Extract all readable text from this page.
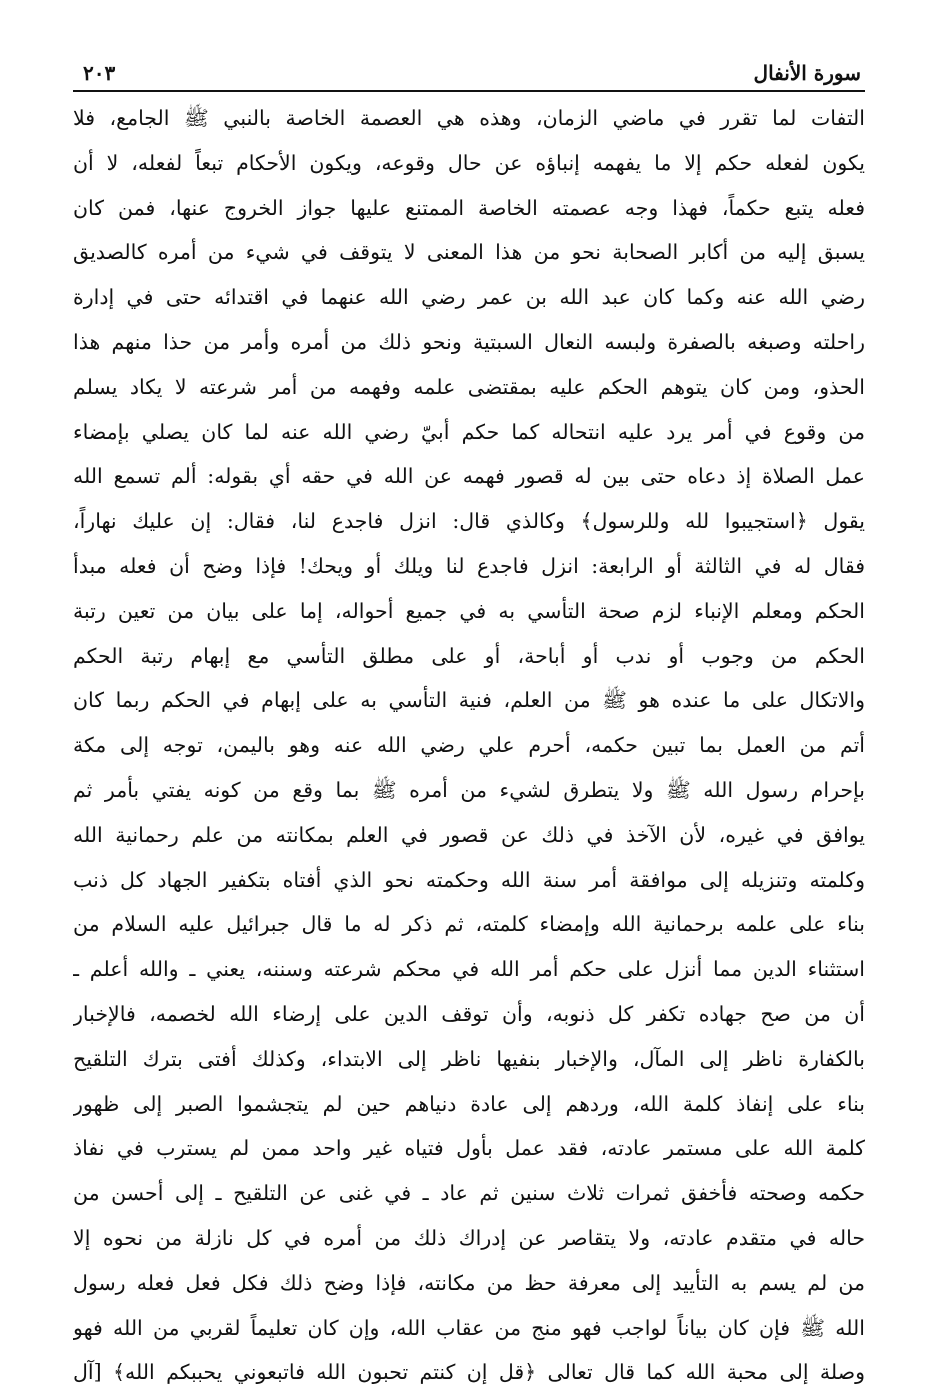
٢٠٣	سورة الأنفال
التفات لما تقرر في ماضي الزمان، وهذه هي العصمة الخاصة بالنبي ﷺ الجامع، فلا
يكون لفعله حكم إلا ما يفهمه إنباؤه عن حال وقوعه، ويكون الأحكام تبعاً لفعله، لا أن
فعله يتبع حكماً، فهذا وجه عصمته الخاصة الممتنع عليها جواز الخروج عنها، فمن كان
يسبق إليه من أكابر الصحابة نحو من هذا المعنى لا يتوقف في شيء من أمره كالصديق
رضي الله عنه وكما كان عبد الله بن عمر رضي الله عنهما في اقتدائه حتى في إدارة
راحلته وصبغه بالصفرة ولبسه النعال السبتية ونحو ذلك من أمره وأمر من حذا منهم هذا
الحذو، ومن كان يتوهم الحكم عليه بمقتضى علمه وفهمه من أمر شرعته لا يكاد يسلم
من وقوع في أمر يرد عليه انتحاله كما حكم أبيّ رضي الله عنه لما كان يصلي بإمضاء
عمل الصلاة إذ دعاه حتى بين له قصور فهمه عن الله في حقه أي بقوله: ألم تسمع الله
يقول ﴿استجيبوا لله وللرسول﴾ وكالذي قال: انزل فاجدع لنا، فقال: إن عليك نهاراً،
فقال له في الثالثة أو الرابعة: انزل فاجدع لنا ويلك أو ويحك! فإذا وضح أن فعله مبدأ
الحكم ومعلم الإنباء لزم صحة التأسي به في جميع أحواله، إما على بيان من تعين رتبة
الحكم من وجوب أو ندب أو أباحة، أو على مطلق التأسي مع إبهام رتبة الحكم
والاتكال على ما عنده هو ﷺ من العلم، فنية التأسي به على إبهام في الحكم ربما كان
أتم من العمل بما تبين حكمه، أحرم علي رضي الله عنه وهو باليمن، توجه إلى مكة
بإحرام رسول الله ﷺ ولا يتطرق لشيء من أمره ﷺ بما وقع من كونه يفتي بأمر ثم
يوافق في غيره، لأن الآخذ في ذلك عن قصور في العلم بمكانته من علم رحمانية الله
وكلمته وتنزيله إلى موافقة أمر سنة الله وحكمته نحو الذي أفتاه بتكفير الجهاد كل ذنب
بناء على علمه برحمانية الله وإمضاء كلمته، ثم ذكر له ما قال جبرائيل عليه السلام من
استثناء الدين مما أنزل على حكم أمر الله في محكم شرعته وسننه، يعني ـ والله أعلم ـ
أن من صح جهاده تكفر كل ذنوبه، وأن توقف الدين على إرضاء الله لخصمه، فالإخبار
بالكفارة ناظر إلى المآل، والإخبار بنفيها ناظر إلى الابتداء، وكذلك أفتى بترك التلقيح
بناء على إنفاذ كلمة الله، وردهم إلى عادة دنياهم حين لم يتجشموا الصبر إلى ظهور
كلمة الله على مستمر عادته، فقد عمل بأول فتياه غير واحد ممن لم يسترب في نفاذ
حكمه وصحته فأخفق ثمرات ثلاث سنين ثم عاد ـ في غنى عن التلقيح ـ إلى أحسن من
حاله في متقدم عادته، ولا يتقاصر عن إدراك ذلك من أمره في كل نازلة من نحوه إلا
من لم يسم به التأييد إلى معرفة حظ من مكانته، فإذا وضح ذلك فكل فعل فعله رسول
الله ﷺ فإن كان بياناً لواجب فهو منج من عقاب الله، وإن كان تعليماً لقربي من الله فهو
وصلة إلى محبة الله كما قال تعالى ﴿قل إن كنتم تحبون الله فاتبعوني يحببكم الله﴾ [آل
